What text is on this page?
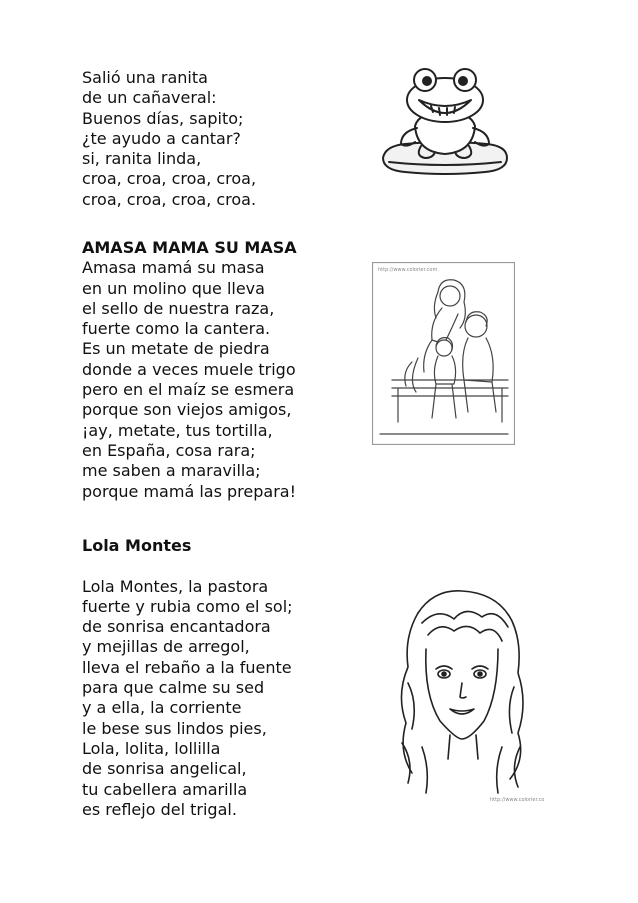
Salió una ranita
de un cañaveral:
Buenos días, sapito;
¿te ayudo a cantar?
si, ranita linda,
croa, croa, croa, croa,
croa, croa, croa, croa.
AMASA MAMA SU MASA
Amasa mamá su masa
en un molino que lleva
el sello de nuestra raza,
fuerte como la cantera.
Es un metate de piedra
donde a veces muele trigo
pero en el maíz se esmera
porque son viejos amigos,
¡ay, metate, tus tortilla,
en España, cosa rara;
me saben a maravilla;
porque mamá las prepara!
Lola Montes
Lola Montes, la pastora
fuerte y rubia como el sol;
de sonrisa encantadora
y mejillas de arregol,
lleva el rebaño a la fuente
para que calme su sed
y a ella, la corriente
le bese sus lindos pies,
Lola, lolita, lollilla
de sonrisa angelical,
tu cabellera amarilla
es reflejo del trigal.
http://www.colorier.com
http://www.colorier.com
